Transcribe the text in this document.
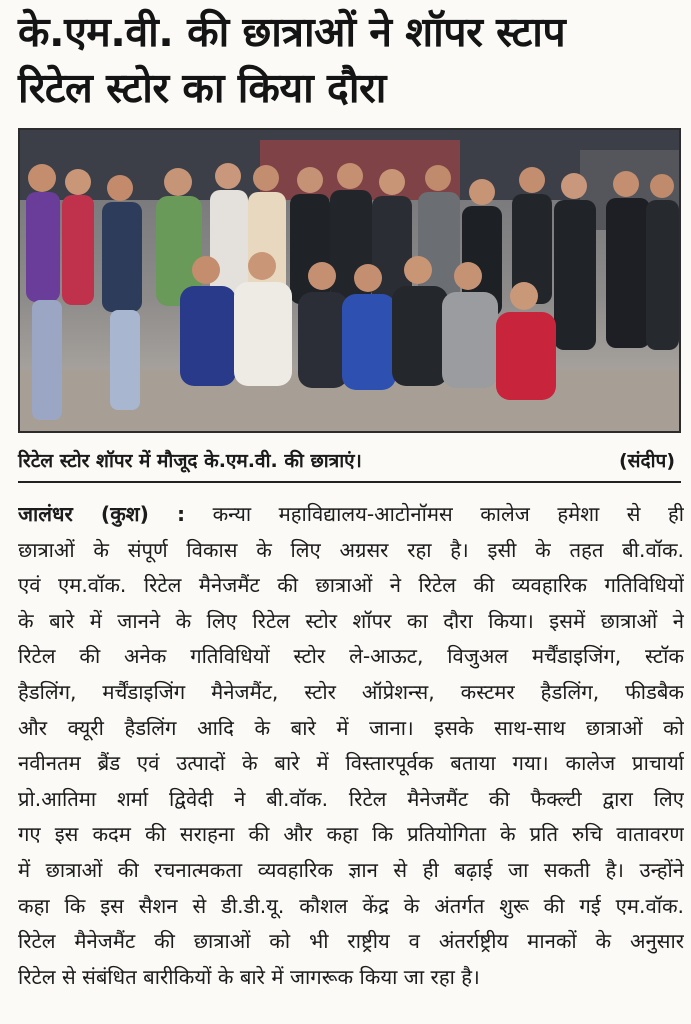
के.एम.वी. की छात्राओं ने शॉपर स्टाप
रिटेल स्टोर का किया दौरा
रिटेल स्टोर शॉपर में मौजूद के.एम.वी. की छात्राएं।	(संदीप)
जालंधर (कुश) : कन्या महाविद्यालय-आटोनॉमस कालेज हमेशा से ही
छात्राओं के संपूर्ण विकास के लिए अग्रसर रहा है। इसी के तहत बी.वॉक.
एवं एम.वॉक. रिटेल मैनेजमैंट की छात्राओं ने रिटेल की व्यवहारिक गतिविधियों
के बारे में जानने के लिए रिटेल स्टोर शॉपर का दौरा किया। इसमें छात्राओं ने
रिटेल की अनेक गतिविधियों स्टोर ले-आऊट, विजुअल मर्चैंडाइजिंग, स्टॉक
हैडलिंग, मर्चैंडाइजिंग मैनेजमैंट, स्टोर ऑप्रेशन्स, कस्टमर हैडलिंग, फीडबैक
और क्यूरी हैडलिंग आदि के बारे में जाना। इसके साथ-साथ छात्राओं को
नवीनतम ब्रैंड एवं उत्पादों के बारे में विस्तारपूर्वक बताया गया। कालेज प्राचार्या
प्रो.आतिमा शर्मा द्विवेदी ने बी.वॉक. रिटेल मैनेजमैंट की फैक्ल्टी द्वारा लिए
गए इस कदम की सराहना की और कहा कि प्रतियोगिता के प्रति रुचि वातावरण
में छात्राओं की रचनात्मकता व्यवहारिक ज्ञान से ही बढ़ाई जा सकती है। उन्होंने
कहा कि इस सैशन से डी.डी.यू. कौशल केंद्र के अंतर्गत शुरू की गई एम.वॉक.
रिटेल मैनेजमैंट की छात्राओं को भी राष्ट्रीय व अंतर्राष्ट्रीय मानकों के अनुसार
रिटेल से संबंधित बारीकियों के बारे में जागरूक किया जा रहा है।
